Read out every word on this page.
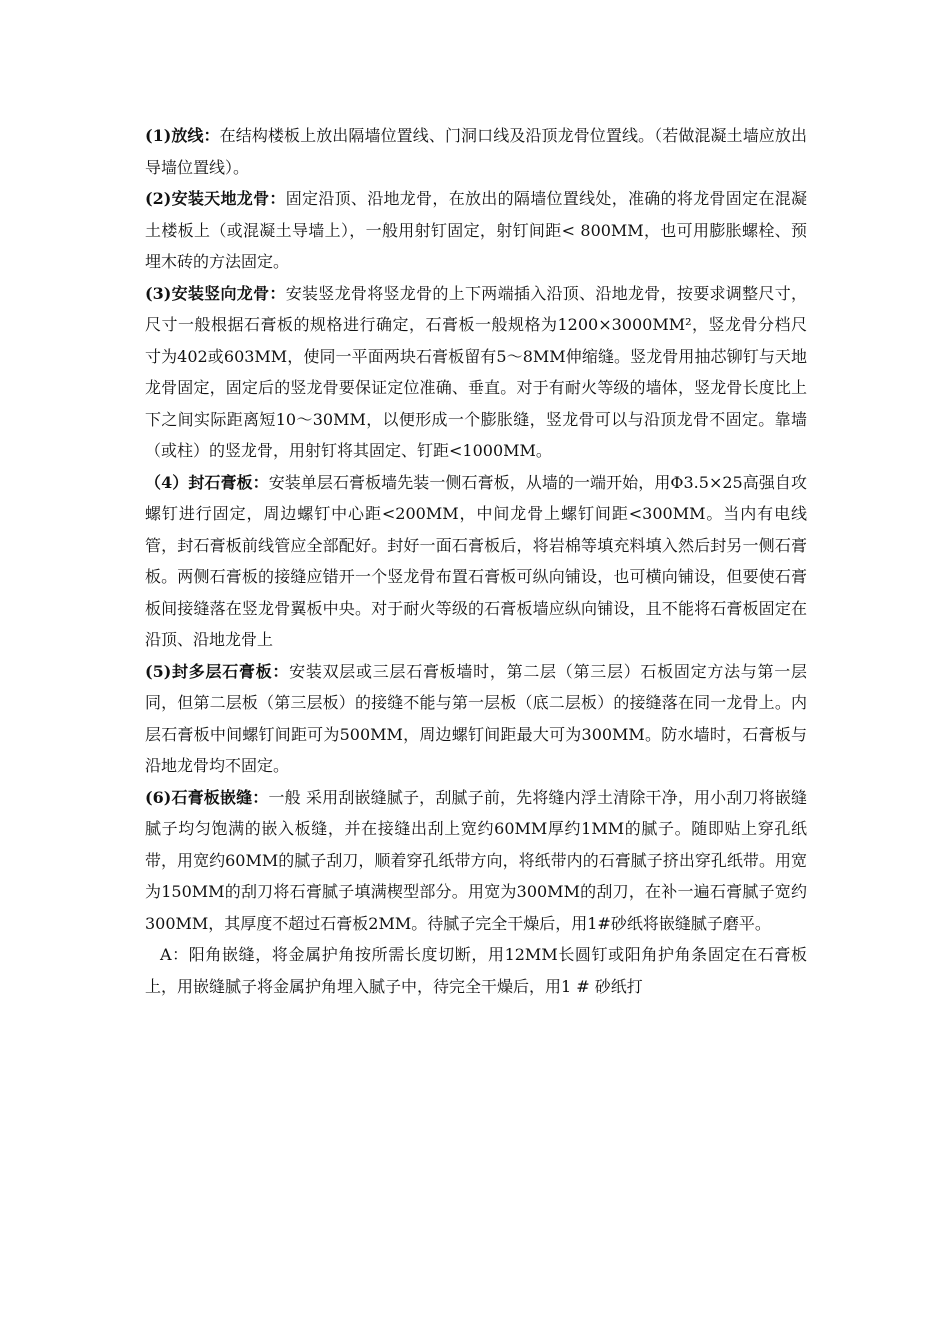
(1)放线：在结构楼板上放出隔墙位置线、门洞口线及沿顶龙骨位置线。（若做混凝土墙应放出导墙位置线）。

(2)安装天地龙骨：固定沿顶、沿地龙骨，在放出的隔墙位置线处，准确的将龙骨固定在混凝土楼板上（或混凝土导墙上），一般用射钉固定，射钉间距< 800MM，也可用膨胀螺栓、预埋木砖的方法固定。

(3)安装竖向龙骨：安装竖龙骨将竖龙骨的上下两端插入沿顶、沿地龙骨，按要求调整尺寸，尺寸一般根据石膏板的规格进行确定，石膏板一般规格为1200×3000MM²，竖龙骨分档尺寸为402或603MM，使同一平面两块石膏板留有5～8MM伸缩缝。竖龙骨用抽芯铆钉与天地龙骨固定，固定后的竖龙骨要保证定位准确、垂直。对于有耐火等级的墙体，竖龙骨长度比上下之间实际距离短10～30MM，以便形成一个膨胀缝，竖龙骨可以与沿顶龙骨不固定。靠墙（或柱）的竖龙骨，用射钉将其固定、钉距<1000MM。

（4）封石膏板：安装单层石膏板墙先装一侧石膏板，从墙的一端开始，用Φ3.5×25高强自攻螺钉进行固定，周边螺钉中心距<200MM，中间龙骨上螺钉间距<300MM。当内有电线管，封石膏板前线管应全部配好。封好一面石膏板后，将岩棉等填充料填入然后封另一侧石膏板。两侧石膏板的接缝应错开一个竖龙骨布置石膏板可纵向铺设，也可横向铺设，但要使石膏板间接缝落在竖龙骨翼板中央。对于耐火等级的石膏板墙应纵向铺设，且不能将石膏板固定在沿顶、沿地龙骨上

(5)封多层石膏板：安装双层或三层石膏板墙时，第二层（第三层）石板固定方法与第一层同，但第二层板（第三层板）的接缝不能与第一层板（底二层板）的接缝落在同一龙骨上。内层石膏板中间螺钉间距可为500MM，周边螺钉间距最大可为300MM。防水墙时，石膏板与沿地龙骨均不固定。

(6)石膏板嵌缝：一般 采用刮嵌缝腻子，刮腻子前，先将缝内浮土清除干净，用小刮刀将嵌缝腻子均匀饱满的嵌入板缝，并在接缝出刮上宽约60MM厚约1MM的腻子。随即贴上穿孔纸带，用宽约60MM的腻子刮刀，顺着穿孔纸带方向，将纸带内的石膏腻子挤出穿孔纸带。用宽为150MM的刮刀将石膏腻子填满楔型部分。用宽为300MM的刮刀，在补一遍石膏腻子宽约300MM，其厚度不超过石膏板2MM。待腻子完全干燥后，用1#砂纸将嵌缝腻子磨平。

A：阳角嵌缝，将金属护角按所需长度切断，用12MM长圆钉或阳角护角条固定在石膏板上，用嵌缝腻子将金属护角埋入腻子中，待完全干燥后，用1 # 砂纸打
